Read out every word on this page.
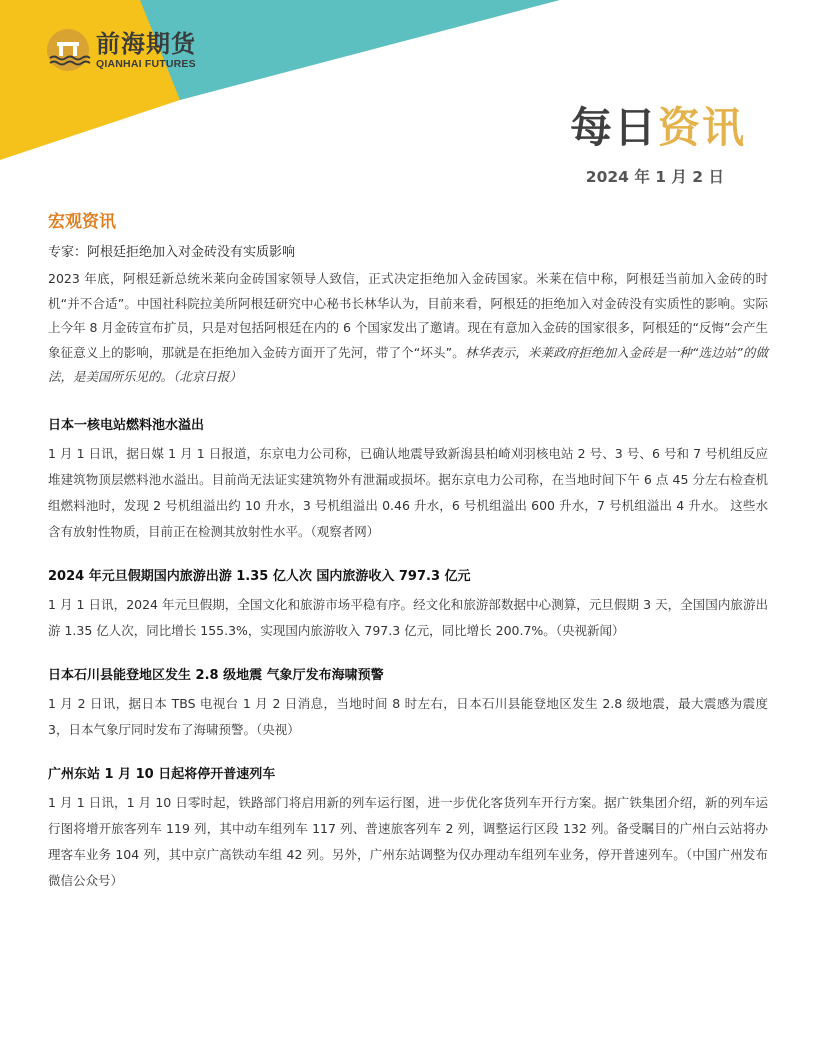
前海期货
QIANHAI FUTURES
每日资讯
2024 年 1 月 2 日
宏观资讯
专家：阿根廷拒绝加入对金砖没有实质影响
2023 年底，阿根廷新总统米莱向金砖国家领导人致信，正式决定拒绝加入金砖国家。米莱在信中称，阿根廷当前加入金砖的时机“并不合适”。中国社科院拉美所阿根廷研究中心秘书长林华认为，目前来看，阿根廷的拒绝加入对金砖没有实质性的影响。实际上今年 8 月金砖宣布扩员，只是对包括阿根廷在内的 6 个国家发出了邀请。现在有意加入金砖的国家很多，阿根廷的“反悔”会产生象征意义上的影响，那就是在拒绝加入金砖方面开了先河，带了个“坏头”。林华表示，米莱政府拒绝加入金砖是一种“选边站”的做法，是美国所乐见的。（北京日报）
日本一核电站燃料池水溢出
1 月 1 日讯，据日媒 1 月 1 日报道，东京电力公司称，已确认地震导致新潟县柏崎刈羽核电站 2 号、3 号、6 号和 7 号机组反应堆建筑物顶层燃料池水溢出。目前尚无法证实建筑物外有泄漏或损坏。据东京电力公司称，在当地时间下午 6 点 45 分左右检查机组燃料池时，发现 2 号机组溢出约 10 升水，3 号机组溢出 0.46 升水，6 号机组溢出 600 升水，7 号机组溢出 4 升水。 这些水含有放射性物质，目前正在检测其放射性水平。（观察者网）
2024 年元旦假期国内旅游出游 1.35 亿人次 国内旅游收入 797.3 亿元
1 月 1 日讯，2024 年元旦假期，全国文化和旅游市场平稳有序。经文化和旅游部数据中心测算，元旦假期 3 天，全国国内旅游出游 1.35 亿人次，同比增长 155.3%，实现国内旅游收入 797.3 亿元，同比增长 200.7%。（央视新闻）
日本石川县能登地区发生 2.8 级地震 气象厅发布海啸预警
1 月 2 日讯，据日本 TBS 电视台 1 月 2 日消息，当地时间 8 时左右，日本石川县能登地区发生 2.8 级地震，最大震感为震度 3，日本气象厅同时发布了海啸预警。（央视）
广州东站 1 月 10 日起将停开普速列车
1 月 1 日讯，1 月 10 日零时起，铁路部门将启用新的列车运行图，进一步优化客货列车开行方案。据广铁集团介绍，新的列车运行图将增开旅客列车 119 列，其中动车组列车 117 列、普速旅客列车 2 列，调整运行区段 132 列。备受瞩目的广州白云站将办理客车业务 104 列，其中京广高铁动车组 42 列。另外，广州东站调整为仅办理动车组列车业务，停开普速列车。（中国广州发布微信公众号）
